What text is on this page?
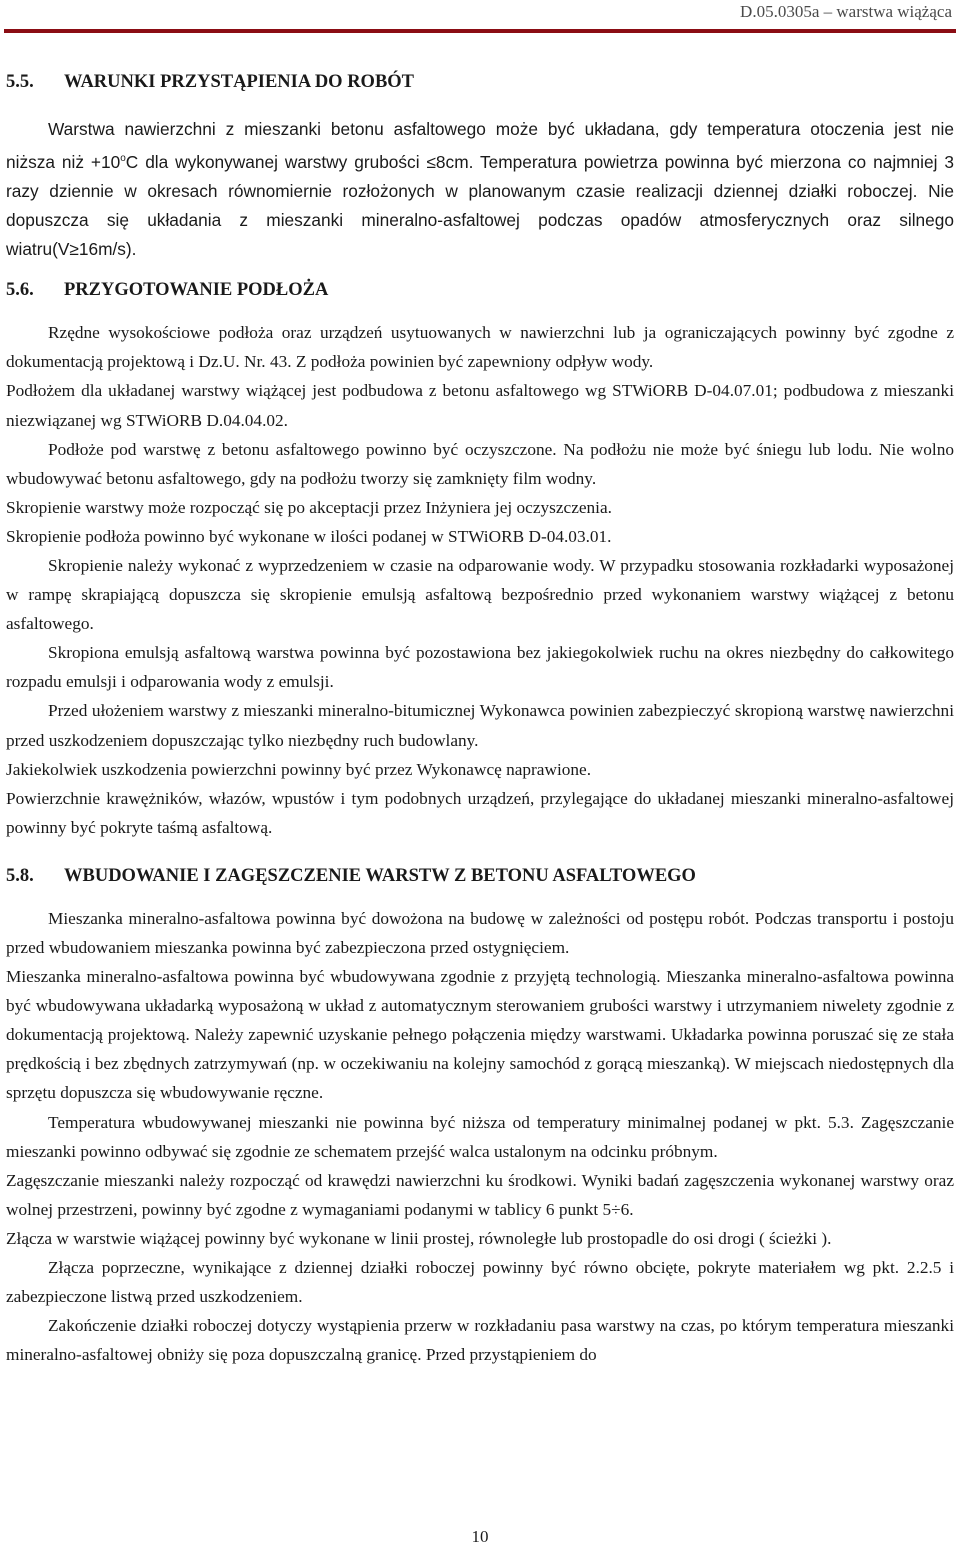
D.05.0305a – warstwa wiążąca
5.5. WARUNKI PRZYSTĄPIENIA DO ROBÓT

Warstwa nawierzchni z mieszanki betonu asfaltowego może być układana, gdy temperatura otoczenia jest nie niższa niż $+10^oC$ dla wykonywanej warstwy grubości ≤8cm. Temperatura powietrza powinna być mierzona co najmniej 3 razy dziennie w okresach równomiernie rozłożonych w planowanym czasie realizacji dziennej działki roboczej. Nie dopuszcza się układania z mieszanki mineralno-asfaltowej podczas opadów atmosferycznych oraz silnego wiatru(V≥16m/s).

5.6. PRZYGOTOWANIE PODŁOŻA

Rzędne wysokościowe podłoża oraz urządzeń usytuowanych w nawierzchni lub ja ograniczających powinny być zgodne z dokumentacją projektową i Dz.U. Nr. 43. Z podłoża powinien być zapewniony odpływ wody.

Podłożem dla układanej warstwy wiążącej jest podbudowa z betonu asfaltowego wg STWiORB D-04.07.01; podbudowa z mieszanki niezwiązanej wg STWiORB D.04.04.02.

Podłoże pod warstwę z betonu asfaltowego powinno być oczyszczone. Na podłożu nie może być śniegu lub lodu. Nie wolno wbudowywać betonu asfaltowego, gdy na podłożu tworzy się zamknięty film wodny.

Skropienie warstwy może rozpocząć się po akceptacji przez Inżyniera jej oczyszczenia.

Skropienie podłoża powinno być wykonane w ilości podanej w STWiORB D-04.03.01.

Skropienie należy wykonać z wyprzedzeniem w czasie na odparowanie wody. W przypadku stosowania rozkładarki wyposażonej w rampę skrapiającą dopuszcza się skropienie emulsją asfaltową bezpośrednio przed wykonaniem warstwy wiążącej z betonu asfaltowego.

Skropiona emulsją asfaltową warstwa powinna być pozostawiona bez jakiegokolwiek ruchu na okres niezbędny do całkowitego rozpadu emulsji i odparowania wody z emulsji.

Przed ułożeniem warstwy z mieszanki mineralno-bitumicznej Wykonawca powinien zabezpieczyć skropioną warstwę nawierzchni przed uszkodzeniem dopuszczając tylko niezbędny ruch budowlany.

Jakiekolwiek uszkodzenia powierzchni powinny być przez Wykonawcę naprawione.

Powierzchnie krawężników, włazów, wpustów i tym podobnych urządzeń, przylegające do układanej mieszanki mineralno-asfaltowej powinny być pokryte taśmą asfaltową.

5.8. WBUDOWANIE I ZAGĘSZCZENIE WARSTW Z BETONU ASFALTOWEGO

Mieszanka mineralno-asfaltowa powinna być dowożona na budowę w zależności od postępu robót. Podczas transportu i postoju przed wbudowaniem mieszanka powinna być zabezpieczona przed ostygnięciem.

Mieszanka mineralno-asfaltowa powinna być wbudowywana zgodnie z przyjętą technologią. Mieszanka mineralno-asfaltowa powinna być wbudowywana układarką wyposażoną w układ z automatycznym sterowaniem grubości warstwy i utrzymaniem niwelety zgodnie z dokumentacją projektową. Należy zapewnić uzyskanie pełnego połączenia między warstwami. Układarka powinna poruszać się ze stała prędkością i bez zbędnych zatrzymywań (np. w oczekiwaniu na kolejny samochód z gorącą mieszanką). W miejscach niedostępnych dla sprzętu dopuszcza się wbudowywanie ręczne.

Temperatura wbudowywanej mieszanki nie powinna być niższa od temperatury minimalnej podanej w pkt. 5.3. Zagęszczanie mieszanki powinno odbywać się zgodnie ze schematem przejść walca ustalonym na odcinku próbnym.

Zagęszczanie mieszanki należy rozpocząć od krawędzi nawierzchni ku środkowi. Wyniki badań zagęszczenia wykonanej warstwy oraz wolnej przestrzeni, powinny być zgodne z wymaganiami podanymi w tablicy 6 punkt 5÷6.

Złącza w warstwie wiążącej powinny być wykonane w linii prostej, równoległe lub prostopadle do osi drogi ( ścieżki ).

Złącza poprzeczne, wynikające z dziennej działki roboczej powinny być równo obcięte, pokryte materiałem wg pkt. 2.2.5 i zabezpieczone listwą przed uszkodzeniem.

Zakończenie działki roboczej dotyczy wystąpienia przerw w rozkładaniu pasa warstwy na czas, po którym temperatura mieszanki mineralno-asfaltowej obniży się poza dopuszczalną granicę. Przed przystąpieniem do

10
